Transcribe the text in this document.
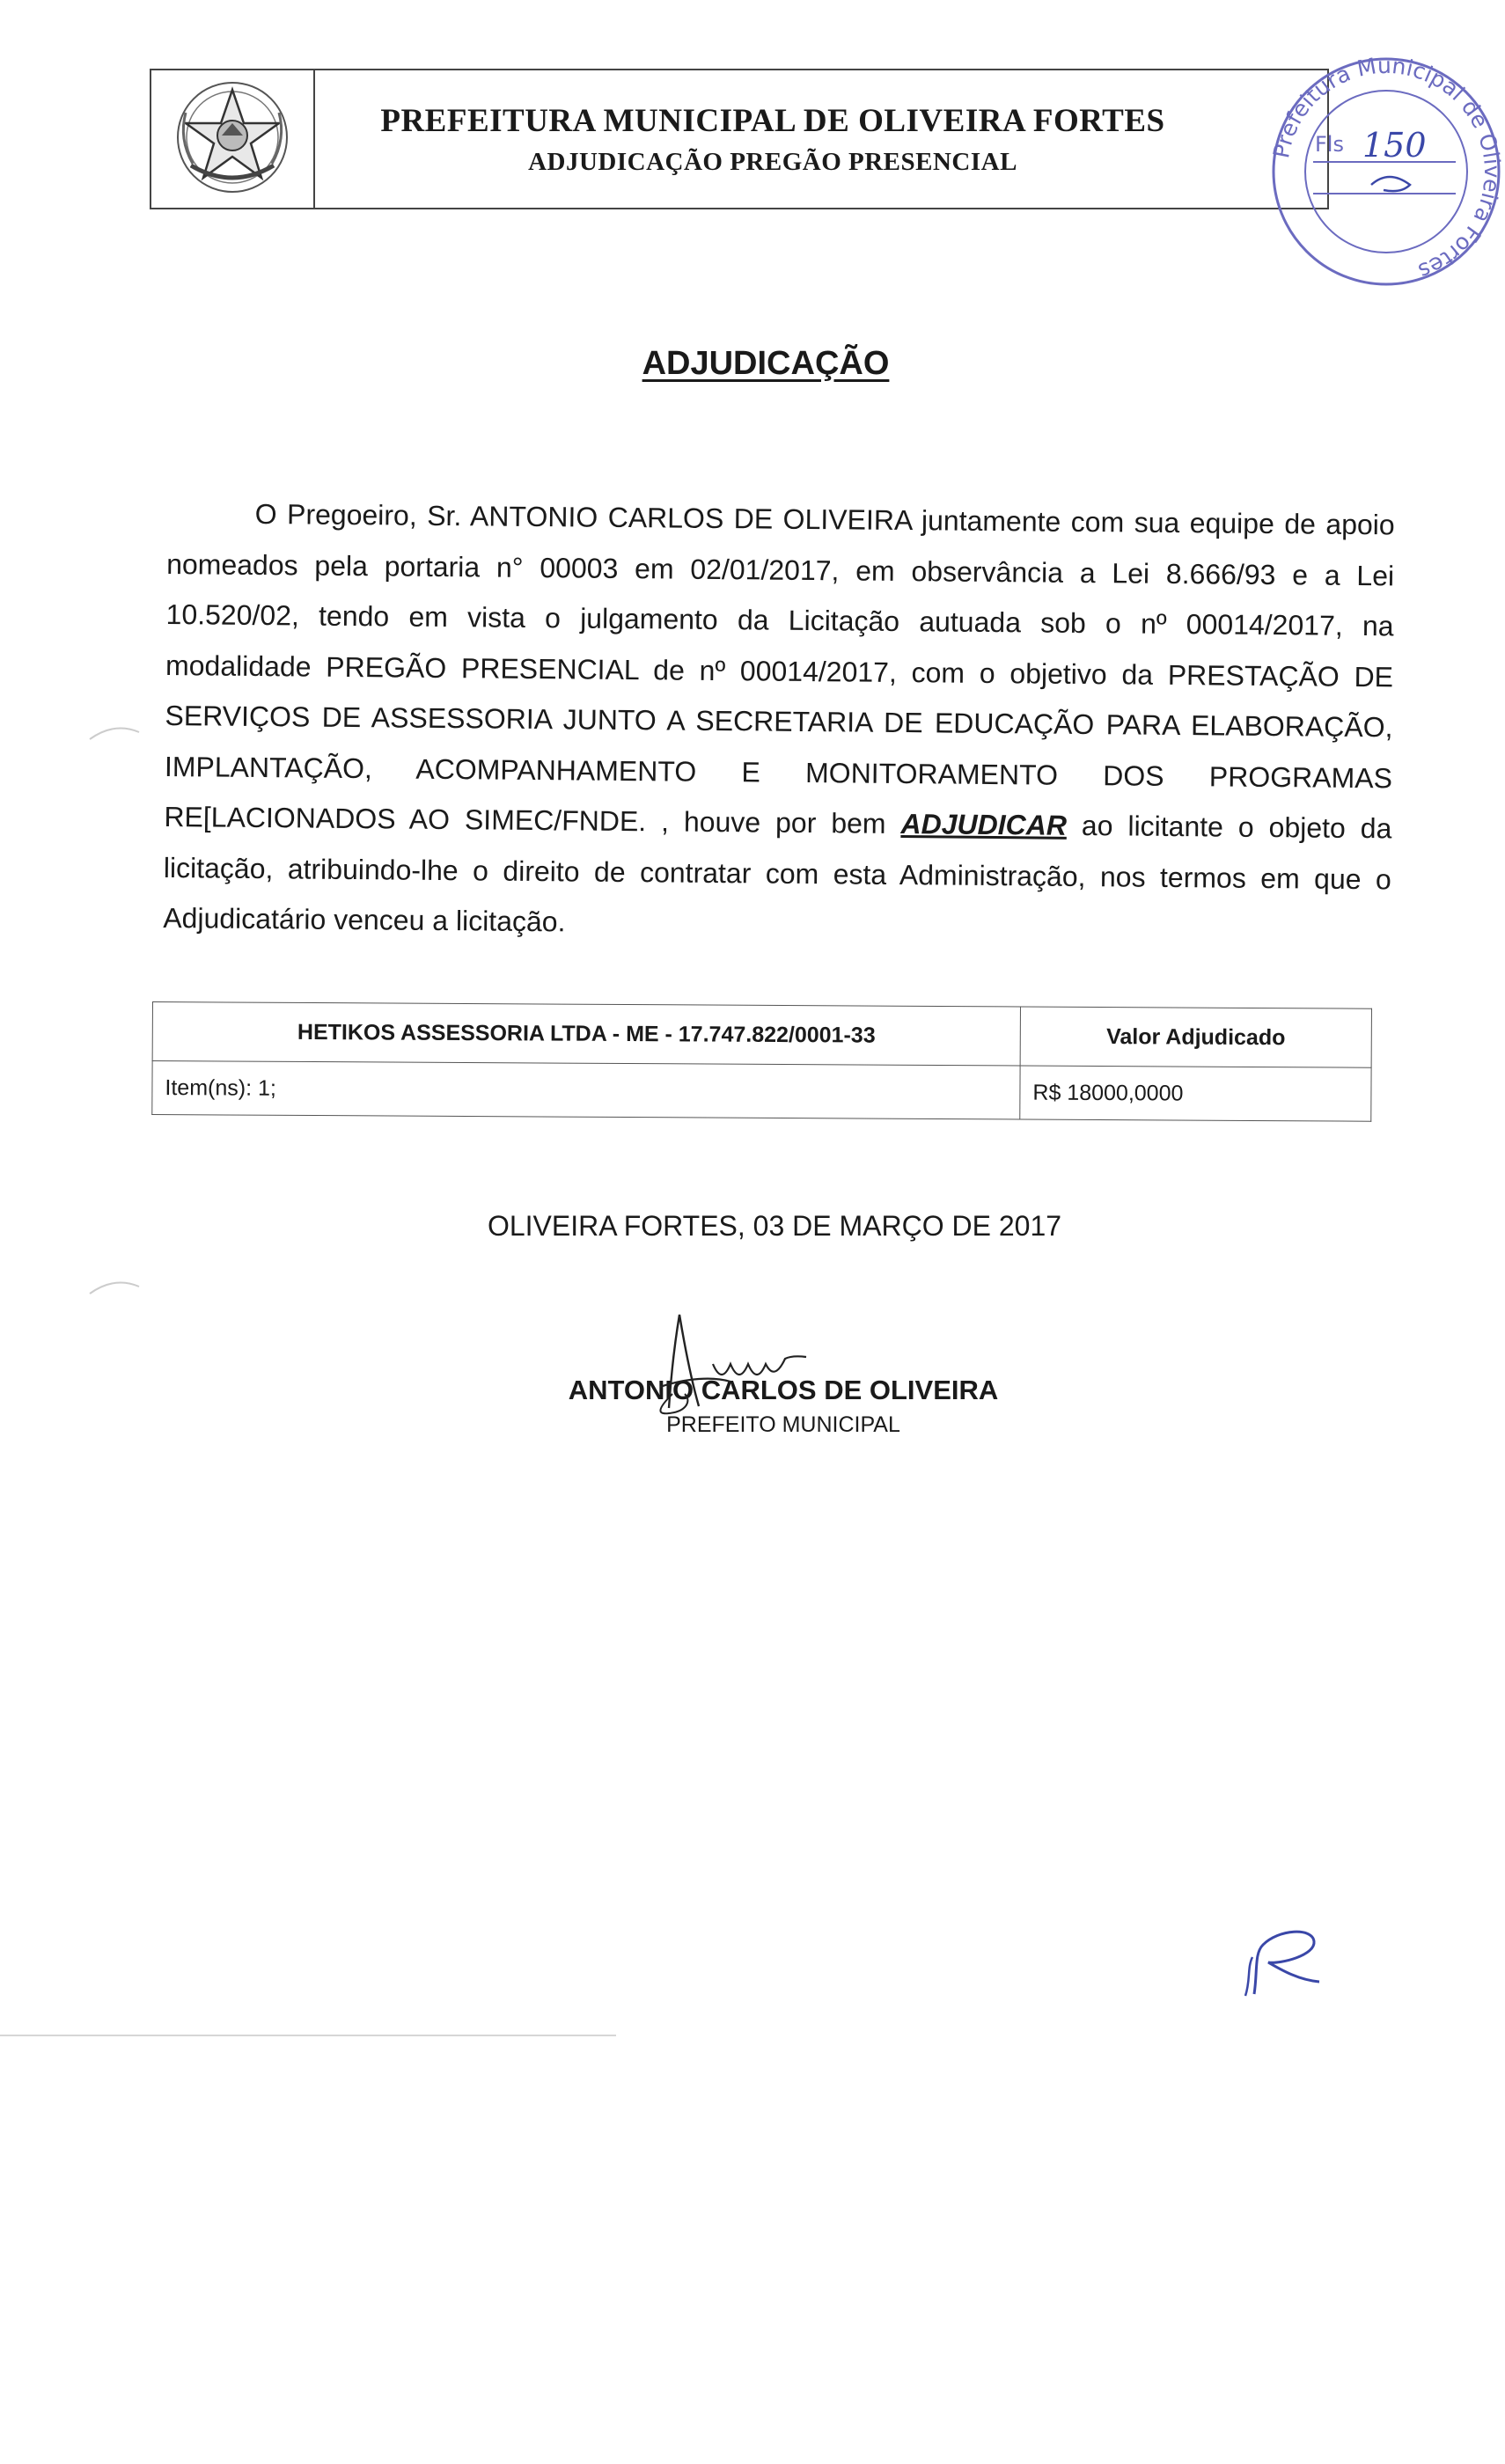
PREFEITURA MUNICIPAL DE OLIVEIRA FORTES
ADJUDICAÇÃO PREGÃO PRESENCIAL	Prefeitura Municipal de Oliveira Fortes
Fls 150
ADJUDICAÇÃO

O Pregoeiro, Sr. ANTONIO CARLOS DE OLIVEIRA juntamente com sua equipe de apoio nomeados pela portaria n° 00003 em 02/01/2017, em observância a Lei 8.666/93 e a Lei 10.520/02, tendo em vista o julgamento da Licitação autuada sob o nº 00014/2017, na modalidade PREGÃO PRESENCIAL de nº 00014/2017, com o objetivo da PRESTAÇÃO DE SERVIÇOS DE ASSESSORIA JUNTO A SECRETARIA DE EDUCAÇÃO PARA ELABORAÇÃO, IMPLANTAÇÃO, ACOMPANHAMENTO E MONITORAMENTO DOS PROGRAMAS RE[LACIONADOS AO SIMEC/FNDE. , houve por bem ADJUDICAR ao licitante o objeto da licitação, atribuindo-lhe o direito de contratar com esta Administração, nos termos em que o Adjudicatário venceu a licitação.

HETIKOS ASSESSORIA LTDA - ME - 17.747.822/0001-33	Valor Adjudicado
Item(ns): 1;	R$ 18000,0000
OLIVEIRA FORTES, 03 DE MARÇO DE 2017
ANTONIO CARLOS DE OLIVEIRA
PREFEITO MUNICIPAL
